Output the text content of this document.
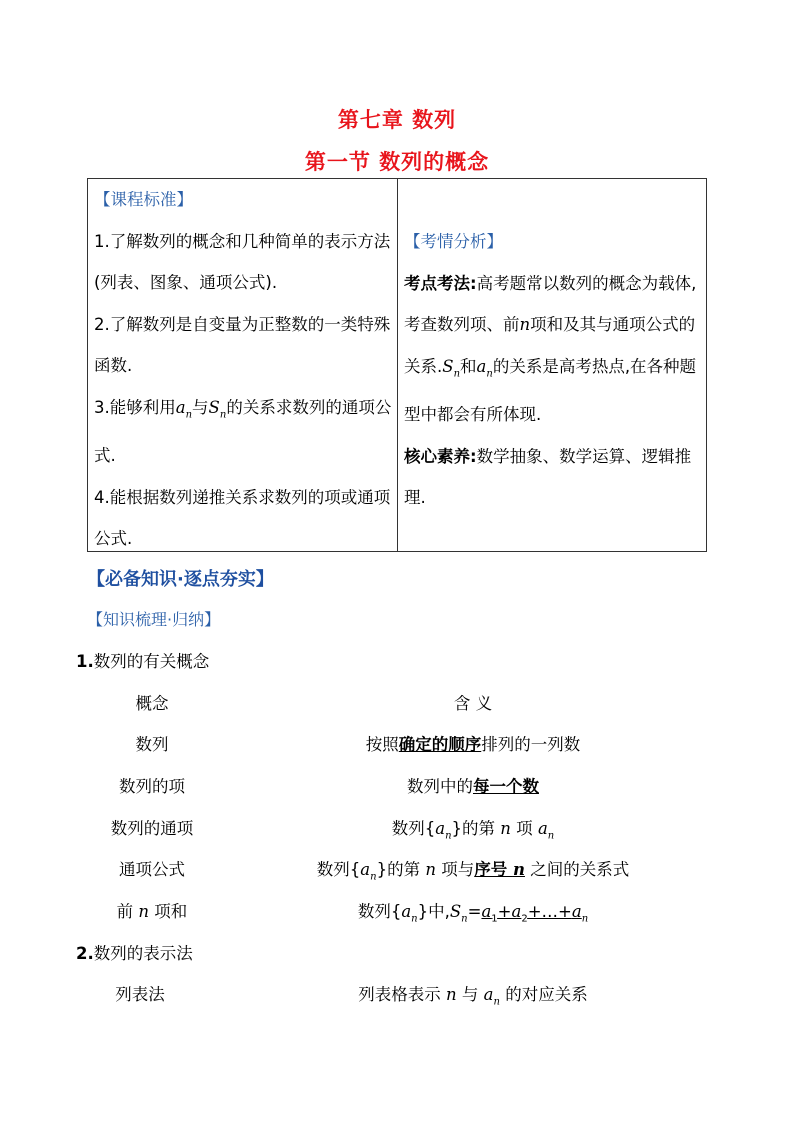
第七章 数列
第一节 数列的概念
【课程标准】
1.了解数列的概念和几种简单的表示方法(列表、图象、通项公式).
2.了解数列是自变量为正整数的一类特殊函数.
3.能够利用$a_n$与$S_n$的关系求数列的通项公式.
4.能根据数列递推关系求数列的项或通项公式.
【考情分析】
考点考法:高考题常以数列的概念为载体,考查数列项、前n项和及其与通项公式的关系$.S_n$和$a_n$的关系是高考热点,在各种题型中都会有所体现.
核心素养:数学抽象、数学运算、逻辑推理.
【必备知识·逐点夯实】
【知识梳理·归纳】
1.数列的有关概念
概念	含 义
数列	按照确定的顺序排列的一列数
数列的项	数列中的每一个数
数列的通项	数列$\{a_n\}$的第 n 项 $a_n$
通项公式	数列$\{a_n\}$的第 n 项与序号 n 之间的关系式
前 n 项和	数列$\{a_n\}$中$,S_n=a_1+a_2+\dots+a_n$
2.数列的表示法
列表法	列表格表示 n 与 $a_n$ 的对应关系
